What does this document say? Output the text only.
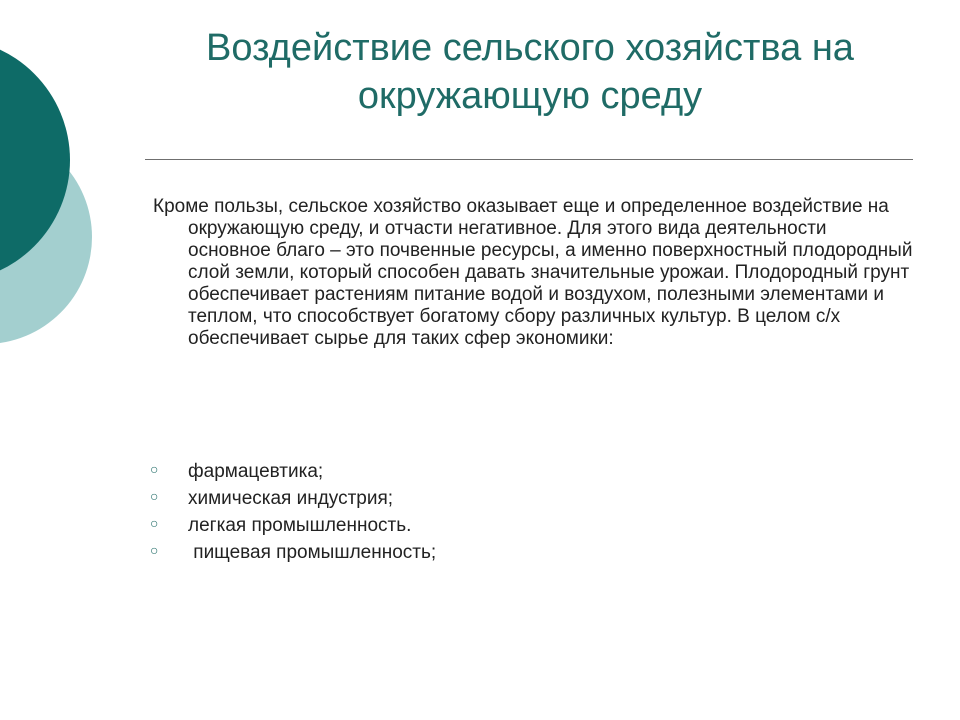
Воздействие сельского хозяйства на окружающую среду

Кроме пользы, сельское хозяйство оказывает еще и определенное воздействие на окружающую среду, и отчасти негативное. Для этого вида деятельности основное благо – это почвенные ресурсы, а именно поверхностный плодородный слой земли, который способен давать значительные урожаи. Плодородный грунт обеспечивает растениям питание водой и воздухом, полезными элементами и теплом, что способствует богатому сбору различных культур. В целом с/х обеспечивает сырье для таких сфер экономики:

○ фармацевтика;
○ химическая индустрия;
○ легкая промышленность.
○ пищевая промышленность;
